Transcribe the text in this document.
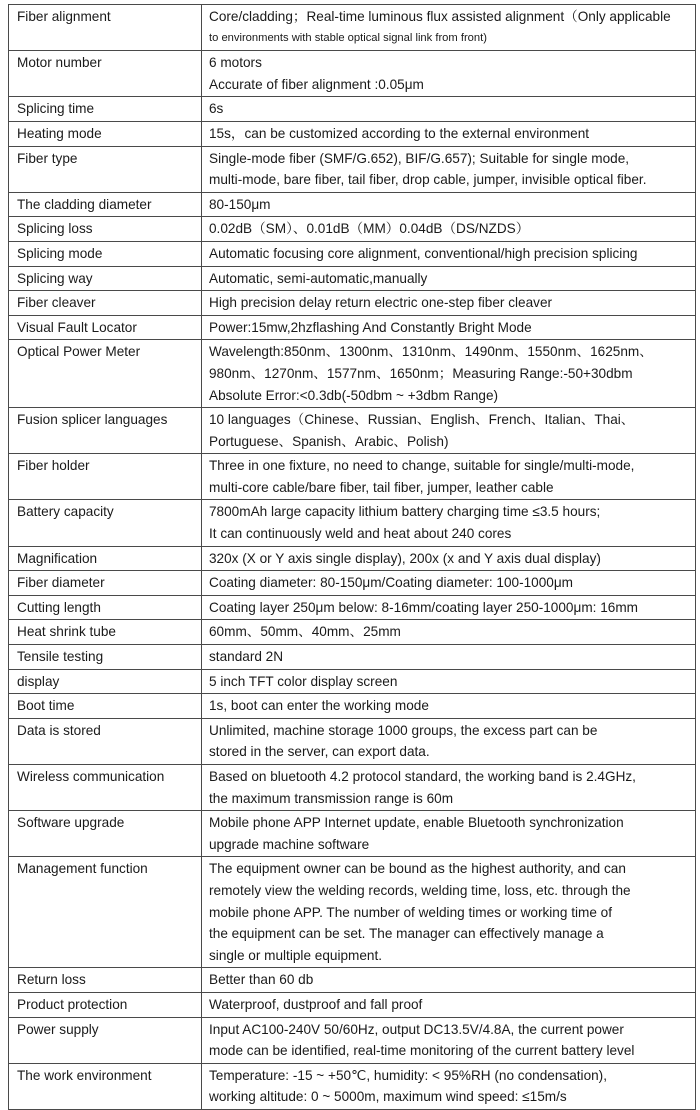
Fiber alignment	Core/cladding；Real-time luminous flux assisted alignment（Only applicable
to environments with stable optical signal link from front)

Motor number	6 motors
Accurate of fiber alignment :0.05μm

Splicing time	6s

Heating mode	15s，can be customized according to the external environment

Fiber type	Single-mode fiber (SMF/G.652), BIF/G.657); Suitable for single mode,
multi-mode, bare fiber, tail fiber, drop cable, jumper, invisible optical fiber.

The cladding diameter	80-150μm

Splicing loss	0.02dB（SM）、0.01dB（MM）0.04dB（DS/NZDS）

Splicing mode	Automatic focusing core alignment, conventional/high precision splicing

Splicing way	Automatic, semi-automatic,manually

Fiber cleaver	High precision delay return electric one-step fiber cleaver

Visual Fault Locator	Power:15mw,2hzflashing And Constantly Bright Mode

Optical Power Meter	Wavelength:850nm、1300nm、1310nm、1490nm、1550nm、1625nm、
980nm、1270nm、1577nm、1650nm；Measuring Range:-50+30dbm
Absolute Error:<0.3db(-50dbm ~ +3dbm Range)

Fusion splicer languages	10 languages（Chinese、Russian、English、French、Italian、Thai、
Portuguese、Spanish、Arabic、Polish)

Fiber holder	Three in one fixture, no need to change, suitable for single/multi-mode,
multi-core cable/bare fiber, tail fiber, jumper, leather cable

Battery capacity	7800mAh large capacity lithium battery charging time ≤3.5 hours;
It can continuously weld and heat about 240 cores

Magnification	320x (X or Y axis single display), 200x (x and Y axis dual display)

Fiber diameter	Coating diameter: 80-150μm/Coating diameter: 100-1000μm

Cutting length	Coating layer 250μm below: 8-16mm/coating layer 250-1000μm: 16mm

Heat shrink tube	60mm、50mm、40mm、25mm

Tensile testing	standard 2N

display	5 inch TFT color display screen

Boot time	1s, boot can enter the working mode

Data is stored	Unlimited, machine storage 1000 groups, the excess part can be
stored in the server, can export data.

Wireless communication	Based on bluetooth 4.2 protocol standard, the working band is 2.4GHz,
the maximum transmission range is 60m

Software upgrade	Mobile phone APP Internet update, enable Bluetooth synchronization
upgrade machine software

Management function	The equipment owner can be bound as the highest authority, and can
remotely view the welding records, welding time, loss, etc. through the
mobile phone APP. The number of welding times or working time of
the equipment can be set. The manager can effectively manage a
single or multiple equipment.

Return loss	Better than 60 db

Product protection	Waterproof, dustproof and fall proof

Power supply	Input AC100-240V 50/60Hz, output DC13.5V/4.8A, the current power
mode can be identified, real-time monitoring of the current battery level

The work environment	Temperature: -15 ~ +50℃, humidity: < 95%RH (no condensation),
working altitude: 0 ~ 5000m, maximum wind speed: ≤15m/s
